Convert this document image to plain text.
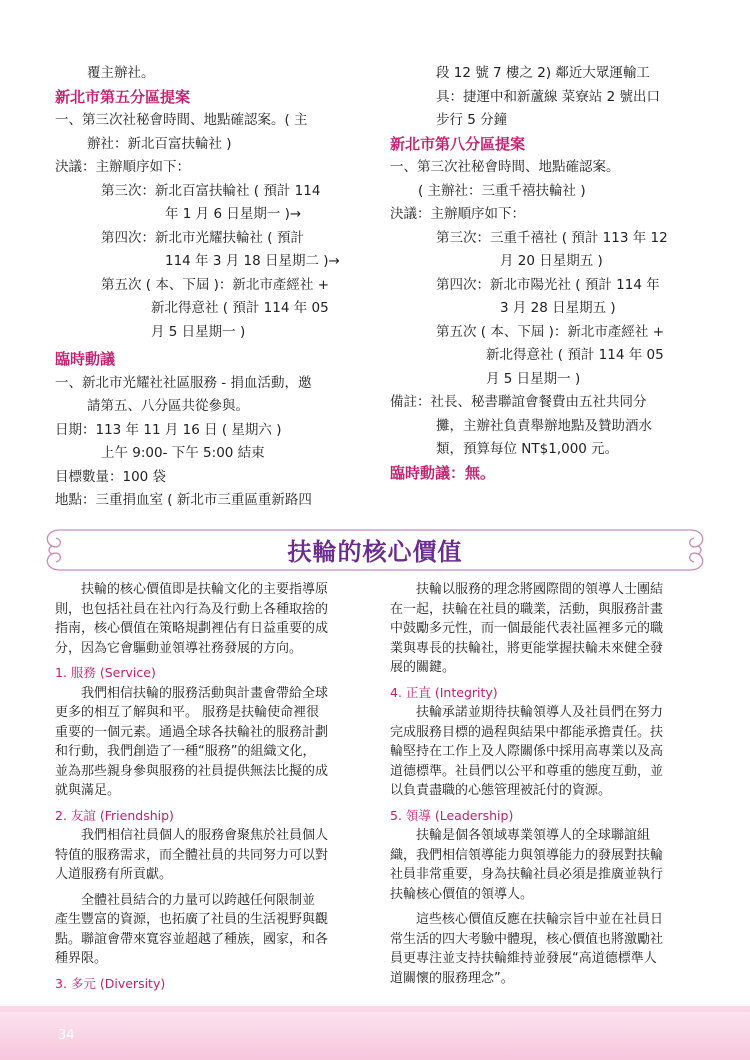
覆主辦社。
新北市第五分區提案
一、第三次社秘會時間、地點確認案。( 主
辦社：新北百富扶輪社 )
決議：主辦順序如下：
第三次：新北百富扶輪社 ( 預計 114
年 1 月 6 日星期一 )→
第四次：新北市光耀扶輪社 ( 預計
114 年 3 月 18 日星期二 )→
第五次 ( 本、下屆 )：新北市產經社 +
新北得意社 ( 預計 114 年 05
月 5 日星期一 )
臨時動議
一、新北市光耀社社區服務 - 捐血活動，邀
請第五、八分區共從參與。
日期：113 年 11 月 16 日 ( 星期六 )
上午 9:00- 下午 5:00 結束
目標數量：100 袋
地點：三重捐血室 ( 新北市三重區重新路四
段 12 號 7 樓之 2) 鄰近大眾運輸工
具：捷運中和新蘆線 菜寮站 2 號出口
步行 5 分鐘
新北市第八分區提案
一、第三次社秘會時間、地點確認案。
( 主辦社：三重千禧扶輪社 )
決議：主辦順序如下：
第三次：三重千禧社 ( 預計 113 年 12
月 20 日星期五 )
第四次：新北市陽光社 ( 預計 114 年
3 月 28 日星期五 )
第五次 ( 本、下屆 )：新北市產經社 +
新北得意社 ( 預計 114 年 05
月 5 日星期一 )
備註：社長、秘書聯誼會餐費由五社共同分
攤，主辦社負責舉辦地點及贊助酒水
類，預算每位 NT$1,000 元。
臨時動議：無。
扶輪的核心價值

扶輪的核心價值即是扶輪文化的主要指導原
則，也包括社員在社內行為及行動上各種取捨的
指南，核心價值在策略規劃裡佔有日益重要的成
分，因為它會驅動並領導社務發展的方向。

1. 服務 (Service)

我們相信扶輪的服務活動與計畫會帶給全球
更多的相互了解與和平。 服務是扶輪使命裡很
重要的一個元素。通過全球各扶輪社的服務計劃
和行動，我們創造了一種“服務”的組織文化，
並為那些親身參與服務的社員提供無法比擬的成
就與滿足。

2. 友誼 (Friendship)

我們相信社員個人的服務會聚焦於社員個人
特值的服務需求，而全體社員的共同努力可以對
人道服務有所貢獻。

全體社員結合的力量可以跨越任何限制並
產生豐富的資源，也拓廣了社員的生活視野與觀
點。聯誼會帶來寬容並超越了種族，國家，和各
種界限。

3. 多元 (Diversity)

扶輪以服務的理念將國際間的領導人士團結
在一起，扶輪在社員的職業，活動，與服務計畫
中鼓勵多元性，而一個最能代表社區裡多元的職
業與專長的扶輪社，將更能掌握扶輪未來健全發
展的關鍵。

4. 正直 (Integrity)

扶輪承諾並期待扶輪領導人及社員們在努力
完成服務目標的過程與結果中都能承擔責任。扶
輪堅持在工作上及人際關係中採用高專業以及高
道德標準。社員們以公平和尊重的態度互動，並
以負責盡職的心態管理被託付的資源。

5. 領導 (Leadership)

扶輪是個各領域專業領導人的全球聯誼組
織，我們相信領導能力與領導能力的發展對扶輪
社員非常重要，身為扶輪社員必須是推廣並執行
扶輪核心價值的領導人。

這些核心價值反應在扶輪宗旨中並在社員日
常生活的四大考驗中體現，核心價值也將激勵社
員更專注並支持扶輪維持並發展“高道德標準人
道關懷的服務理念”。

34
